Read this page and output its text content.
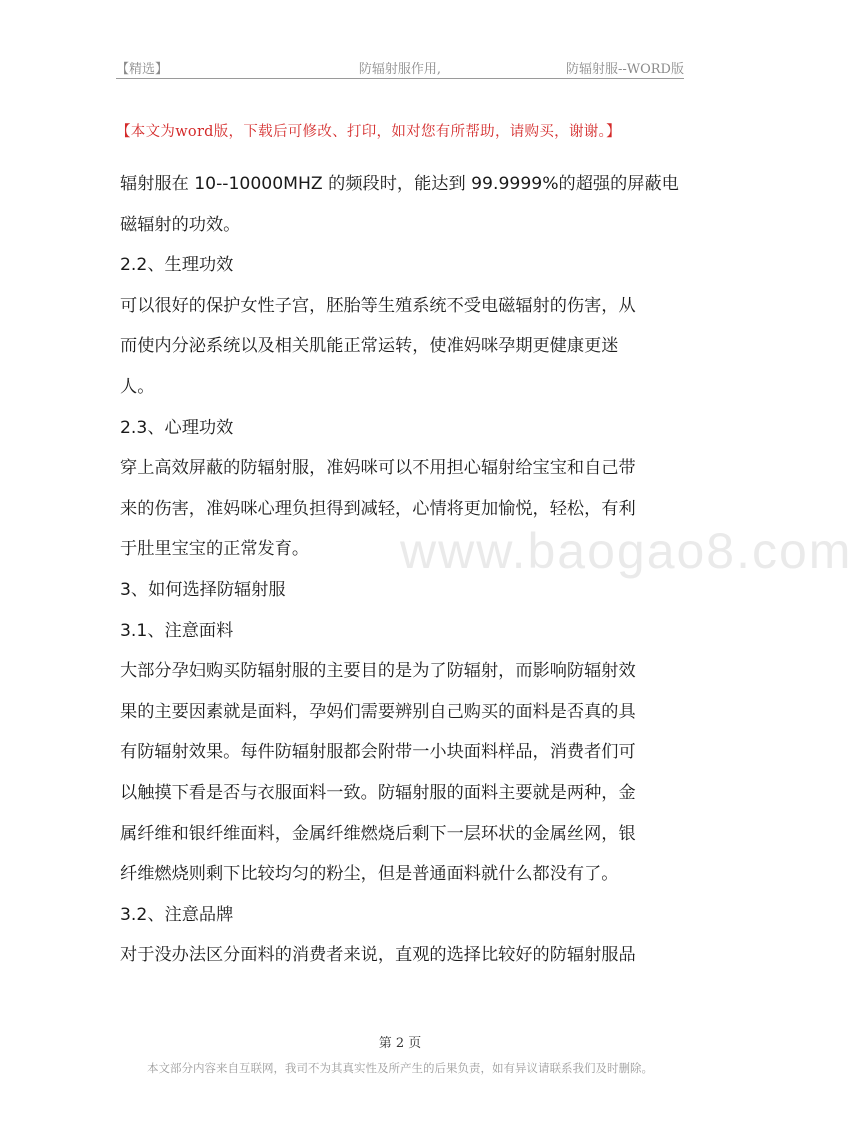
【精选】	防辐射服作用,	防辐射服--WORD版
【本文为word版，下载后可修改、打印，如对您有所帮助，请购买，谢谢。】

辐射服在 10--10000MHZ 的频段时，能达到 99.9999%的超强的屏蔽电
磁辐射的功效。

2.2、生理功效

可以很好的保护女性子宫，胚胎等生殖系统不受电磁辐射的伤害，从
而使内分泌系统以及相关肌能正常运转，使准妈咪孕期更健康更迷
人。

2.3、心理功效

穿上高效屏蔽的防辐射服，准妈咪可以不用担心辐射给宝宝和自己带
来的伤害，准妈咪心理负担得到减轻，心情将更加愉悦，轻松，有利
于肚里宝宝的正常发育。

3、如何选择防辐射服

3.1、注意面料

大部分孕妇购买防辐射服的主要目的是为了防辐射，而影响防辐射效
果的主要因素就是面料，孕妈们需要辨别自己购买的面料是否真的具
有防辐射效果。每件防辐射服都会附带一小块面料样品，消费者们可
以触摸下看是否与衣服面料一致。防辐射服的面料主要就是两种，金
属纤维和银纤维面料，金属纤维燃烧后剩下一层环状的金属丝网，银
纤维燃烧则剩下比较均匀的粉尘，但是普通面料就什么都没有了。

3.2、注意品牌

对于没办法区分面料的消费者来说，直观的选择比较好的防辐射服品

www.baogao8.com
第 2 页
本文部分内容来自互联网，我司不为其真实性及所产生的后果负责，如有异议请联系我们及时删除。
